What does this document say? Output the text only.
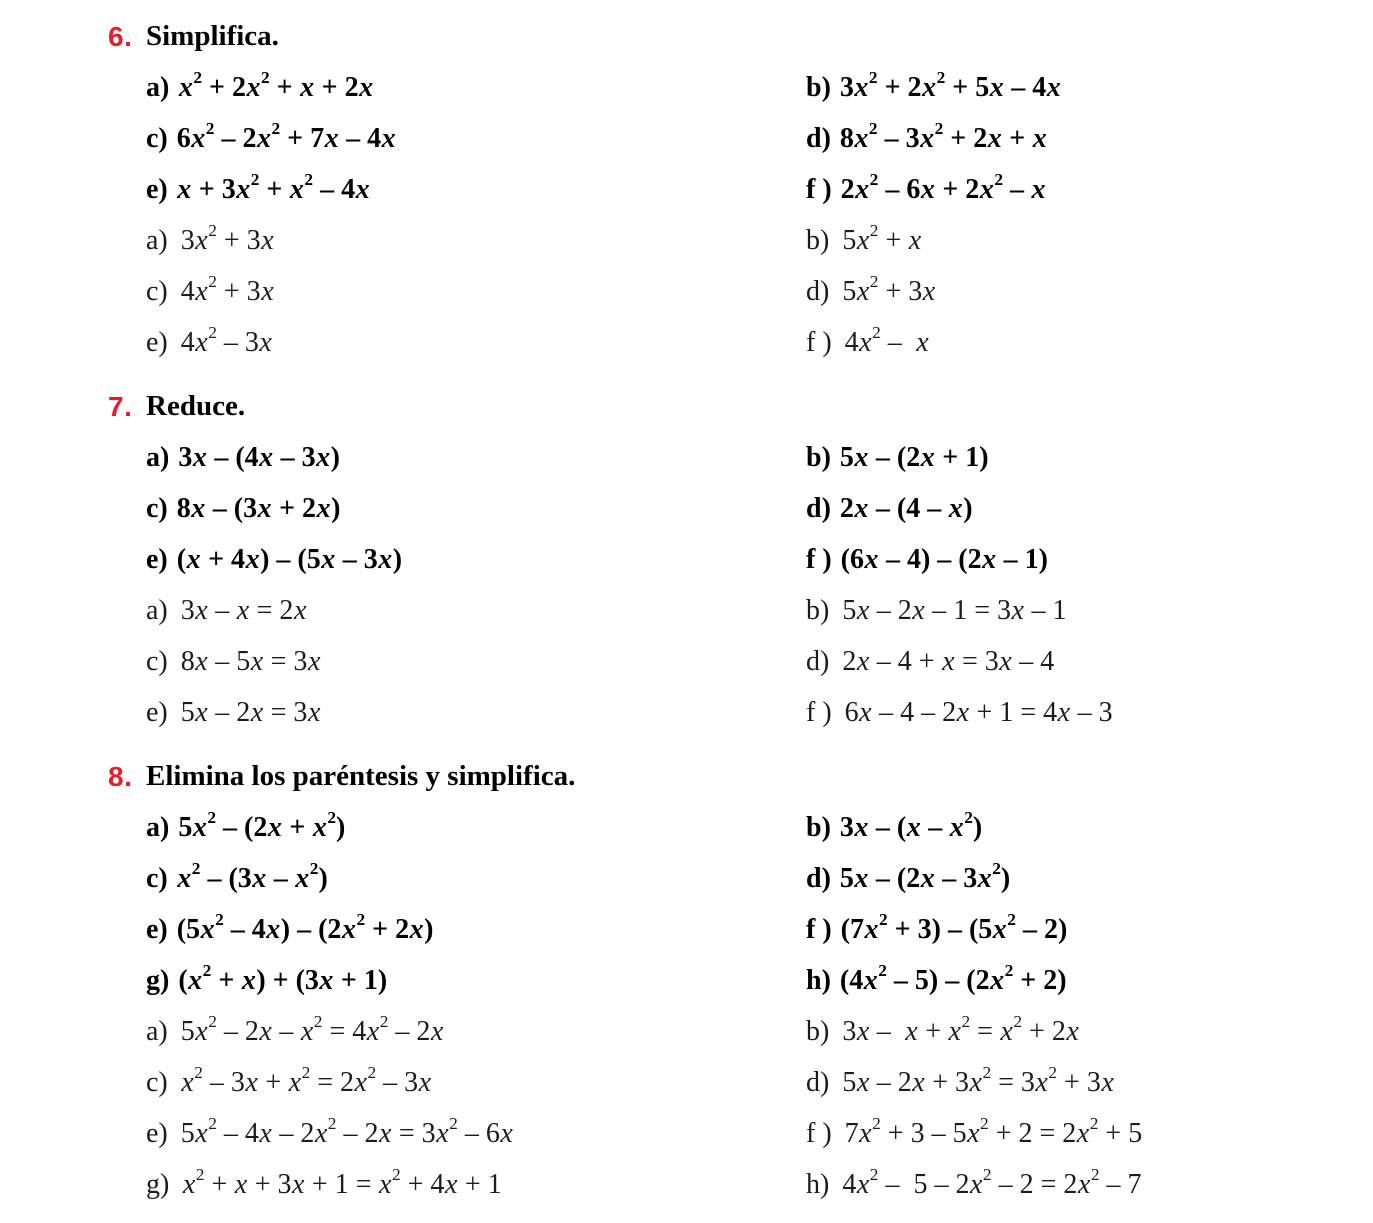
6. Simplifica.
a) $x^2 + 2x^2 + x + 2x$	b) $3x^2 + 2x^2 + 5x - 4x$
c) $6x^2 - 2x^2 + 7x - 4x$	d) $8x^2 - 3x^2 + 2x + x$
e) $x + 3x^2 + x^2 - 4x$	f ) $2x^2 - 6x + 2x^2 - x$
a) $3x^2 + 3x$	b) $5x^2 + x$
c) $4x^2 + 3x$	d) $5x^2 + 3x$
e) $4x^2 - 3x$	f ) $4x^2$ –  x
7. Reduce.
a) 3x – (4x – 3x)	b) 5x – (2x + 1)
c) 8x – (3x + 2x)	d) 2x – (4 – x)
e) (x + 4x) – (5x – 3x)	f ) (6x – 4) – (2x – 1)
a) 3x – x = 2x	b) 5x – 2x – 1 = 3x – 1
c) 8x – 5x = 3x	d) 2x – 4 + x = 3x – 4
e) 5x – 2x = 3x	f ) 6x – 4 – 2x + 1 = 4x – 3
8. Elimina los paréntesis y simplifica.
a) $5x^2 - (2x + x^2)$	b) $3x - (x - x^2)$
c) $x^2 - (3x - x^2)$	d) $5x - (2x - 3x^2)$
e) $(5x^2 - 4x) - (2x^2 + 2x)$	f ) $(7x^2 + 3) - (5x^2 - 2)$
g) $(x^2 + x) + (3x + 1)$	h) $(4x^2 - 5) - (2x^2 + 2)$
a) $5x^2 - 2x - x^2 = 4x^2 - 2x$	b) $3x - x + x^2 = x^2 + 2x$
c) $x^2 - 3x + x^2 = 2x^2 - 3x$	d) $5x - 2x + 3x^2 = 3x^2 + 3x$
e) $5x^2 - 4x - 2x^2 - 2x = 3x^2 - 6x$	f ) $7x^2 + 3 - 5x^2 + 2 = 2x^2 + 5$
g) $x^2 + x + 3x + 1 = x^2 + 4x + 1$	h) $4x^2 - 5 - 2x^2 - 2 = 2x^2 - 7$
